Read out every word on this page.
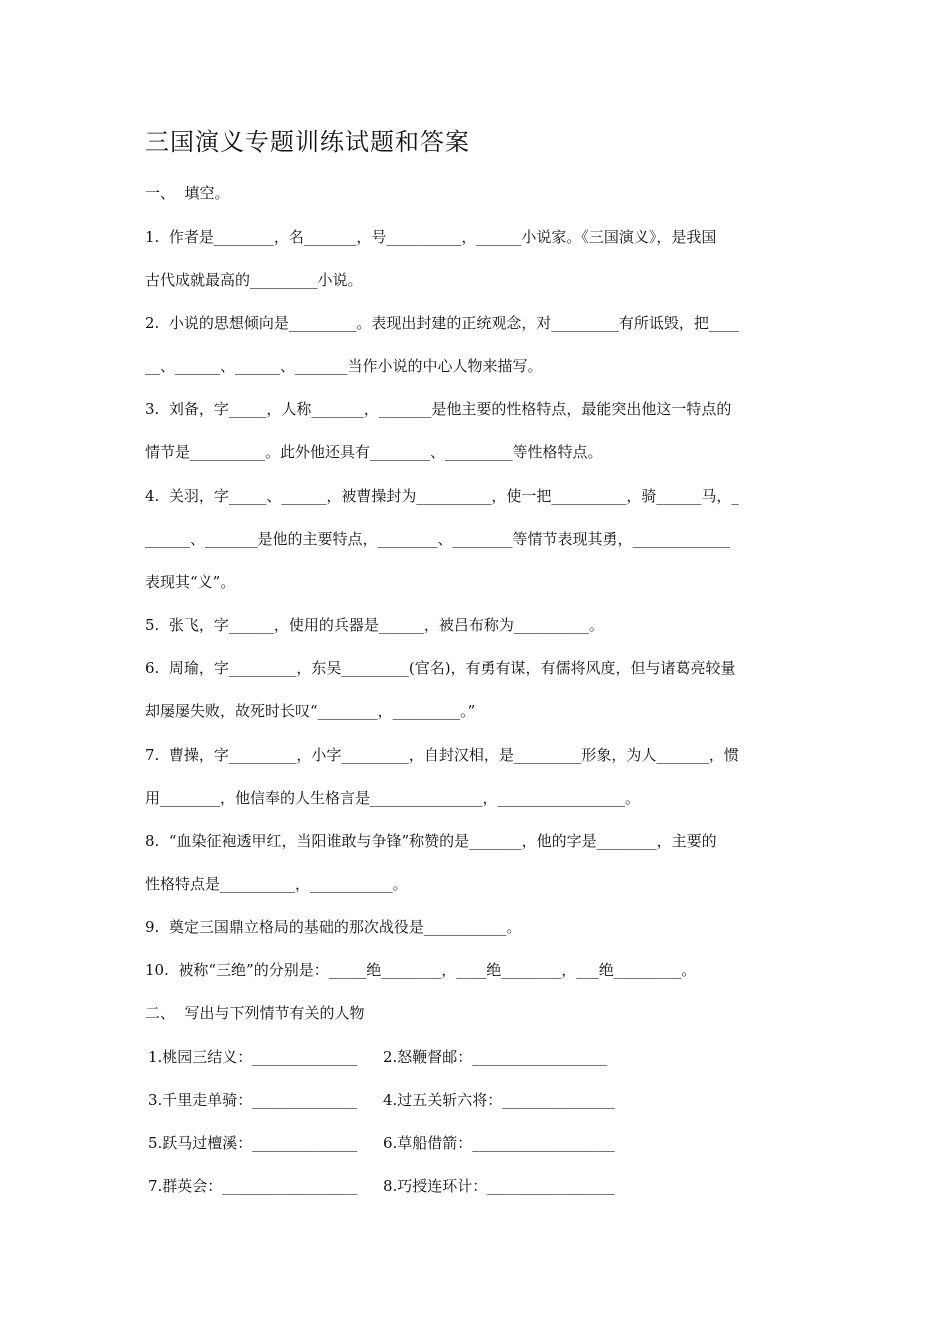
三国演义专题训练试题和答案
一、  填空。
1.  作者是________，名_______，号__________，______小说家。《三国演义》，是我国
古代成就最高的_________小说。
2.  小说的思想倾向是_________。表现出封建的正统观念，对_________有所诋毁，把____
__、______、______、_______当作小说的中心人物来描写。
3.  刘备，字_____，人称_______，_______是他主要的性格特点，最能突出他这一特点的
情节是__________。此外他还具有________、_________等性格特点。
4.  关羽，字_____、______，被曹操封为__________，使一把__________，骑______马，_
______、_______是他的主要特点，________、________等情节表现其勇，_____________
表现其“义”。
5.  张飞，字______，使用的兵器是______，被吕布称为__________。
6.  周瑜，字_________，东吴_________(官名)，有勇有谋，有儒将风度，但与诸葛亮较量
却屡屡失败，故死时长叹“________，_________。”
7.  曹操，字_________，小字_________，自封汉相，是_________形象，为人_______，惯
用________，他信奉的人生格言是_______________，_________________。
8.  “血染征袍透甲红，当阳谁敢与争锋”称赞的是_______，他的字是________，主要的
性格特点是__________，___________。
9.  奠定三国鼎立格局的基础的那次战役是___________。
10.  被称“三绝”的分别是：_____绝________，____绝________，___绝_________。
二、  写出与下列情节有关的人物
1.桃园三结义：______________ 2.怒鞭督邮：__________________
3.千里走单骑：______________ 4.过五关斩六将：_______________
5.跃马过檀溪：______________ 6.草船借箭：___________________
7.群英会：__________________ 8.巧授连环计：_________________
